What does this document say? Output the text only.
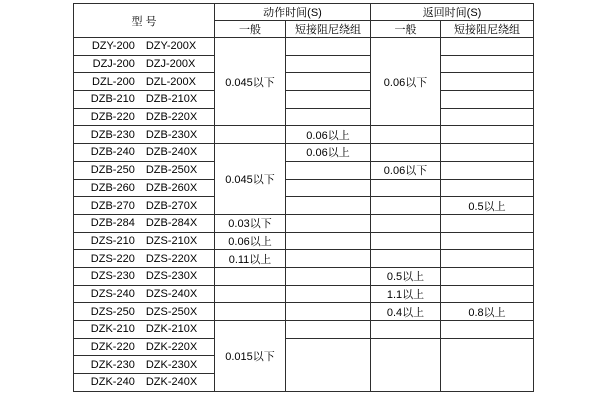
型 号	动作时间(S)		返回时间(S)	
	一般	短接阻尼绕组	一般	短接阻尼绕组
DZY-200 DZY-200X	0.045以下		0.06以下	
DZJ-200 DZJ-200X				
DZL-200 DZL-200X				
DZB-210 DZB-210X				
DZB-220 DZB-220X				
DZB-230 DZB-230X		0.06以上		
DZB-240 DZB-240X	0.045以下	0.06以上		
DZB-250 DZB-250X			0.06以下	
DZB-260 DZB-260X				
DZB-270 DZB-270X				0.5以上
DZB-284 DZB-284X	0.03以下			
DZS-210 DZS-210X	0.06以上			
DZS-220 DZS-220X	0.11以上			
DZS-230 DZS-230X			0.5以上	
DZS-240 DZS-240X			1.1以上	
DZS-250 DZS-250X			0.4以上	0.8以上
DZK-210 DZK-210X	0.015以下			
DZK-220 DZK-220X				
DZK-230 DZK-230X				
DZK-240 DZK-240X				
